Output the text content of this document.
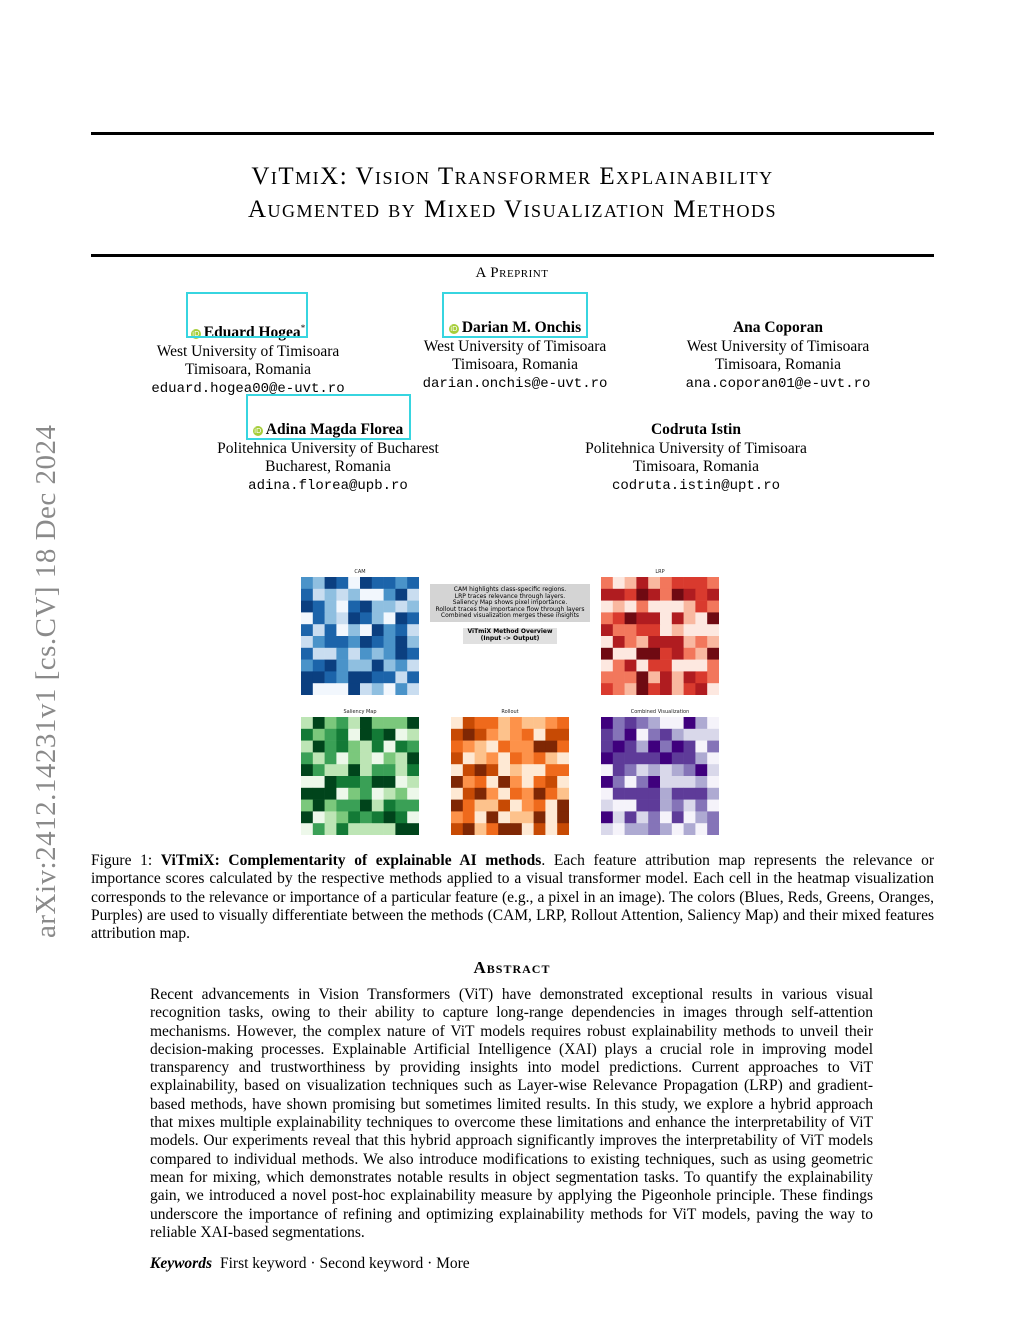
ViTmiX: Vision Transformer Explainability
Augmented by Mixed Visualization Methods
A Preprint
iD Eduard Hogea*
West University of Timisoara
Timisoara, Romania
eduard.hogea00@e-uvt.ro
iD Darian M. Onchis
West University of Timisoara
Timisoara, Romania
darian.onchis@e-uvt.ro
Ana Coporan
West University of Timisoara
Timisoara, Romania
ana.coporan01@e-uvt.ro
iD Adina Magda Florea
Politehnica University of Bucharest
Bucharest, Romania
adina.florea@upb.ro
Codruta Istin
Politehnica University of Timisoara
Timisoara, Romania
codruta.istin@upt.ro
arXiv:2412.14231v1 [cs.CV] 18 Dec 2024	CAM	LRP
Saliency Map	Rollout	Combined Visualization
CAM highlights class-specific regions.
LRP traces relevance through layers.
Saliency Map shows pixel importance.
Rollout traces the importance flow through layers
Combined visualization merges these insights
ViTmiX Method Overview
(Input -> Output)
Figure 1: ViTmiX: Complementarity of explainable AI methods. Each feature attribution map represents the relevance or importance scores calculated by the respective methods applied to a visual transformer model. Each cell in the heatmap visualization corresponds to the relevance or importance of a particular feature (e.g., a pixel in an image). The colors (Blues, Reds, Greens, Oranges, Purples) are used to visually differentiate between the methods (CAM, LRP, Rollout Attention, Saliency Map) and their mixed features attribution map.
Abstract
Recent advancements in Vision Transformers (ViT) have demonstrated exceptional results in various visual recognition tasks, owing to their ability to capture long-range dependencies in images through self-attention mechanisms. However, the complex nature of ViT models requires robust explainability methods to unveil their decision-making processes. Explainable Artificial Intelligence (XAI) plays a crucial role in improving model transparency and trustworthiness by providing insights into model predictions. Current approaches to ViT explainability, based on visualization techniques such as Layer-wise Relevance Propagation (LRP) and gradient-based methods, have shown promising but sometimes limited results. In this study, we explore a hybrid approach that mixes multiple explainability techniques to overcome these limitations and enhance the interpretability of ViT models. Our experiments reveal that this hybrid approach significantly improves the interpretability of ViT models compared to individual methods. We also introduce modifications to existing techniques, such as using geometric mean for mixing, which demonstrates notable results in object segmentation tasks. To quantify the explainability gain, we introduced a novel post-hoc explainability measure by applying the Pigeonhole principle. These findings underscore the importance of refining and optimizing explainability methods for ViT models, paving the way to reliable XAI-based segmentations.
Keywords First keyword · Second keyword · More
